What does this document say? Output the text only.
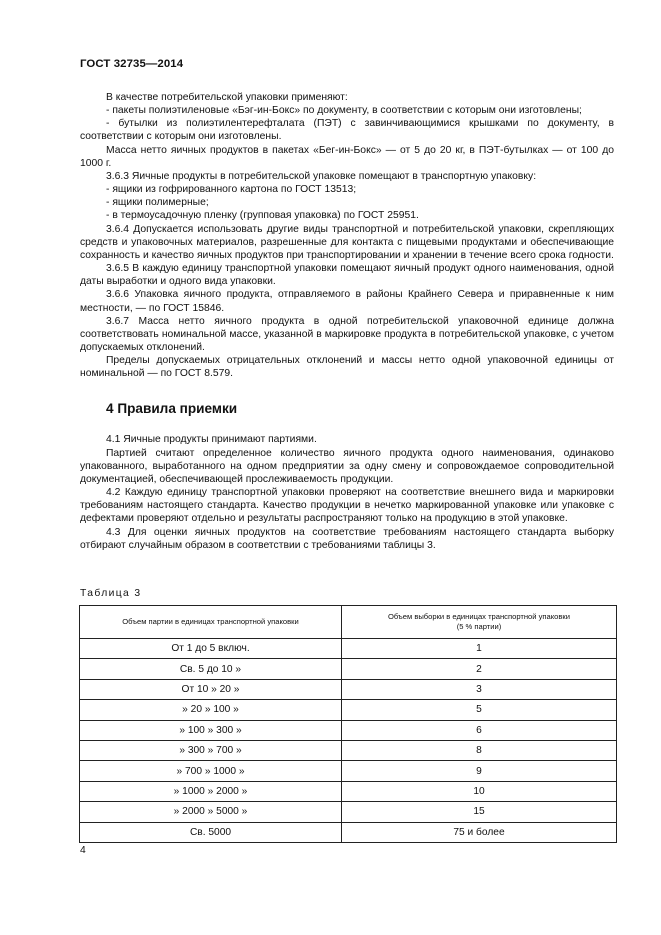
ГОСТ 32735—2014

В качестве потребительской упаковки применяют:

- пакеты полиэтиленовые «Бэг-ин-Бокс» по документу, в соответствии с которым они изготовлены;

- бутылки из полиэтилентерефталата (ПЭТ) с завинчивающимися крышками по документу, в соответствии с которым они изготовлены.

Масса нетто яичных продуктов в пакетах «Бег-ин-Бокс» — от 5 до 20 кг, в ПЭТ-бутылках — от 100 до 1000 г.

3.6.3 Яичные продукты в потребительской упаковке помещают в транспортную упаковку:

- ящики из гофрированного картона по ГОСТ 13513;

- ящики полимерные;

- в термоусадочную пленку (групповая упаковка) по ГОСТ 25951.

3.6.4 Допускается использовать другие виды транспортной и потребительской упаковки, скрепляющих средств и упаковочных материалов, разрешенные для контакта с пищевыми продуктами и обеспечивающие сохранность и качество яичных продуктов при транспортировании и хранении в течение всего срока годности.

3.6.5 В каждую единицу транспортной упаковки помещают яичный продукт одного наименования, одной даты выработки и одного вида упаковки.

3.6.6 Упаковка яичного продукта, отправляемого в районы Крайнего Севера и приравненные к ним местности, — по ГОСТ 15846.

3.6.7 Масса нетто яичного продукта в одной потребительской упаковочной единице должна соответствовать номинальной массе, указанной в маркировке продукта в потребительской упаковке, с учетом допускаемых отклонений.

Пределы допускаемых отрицательных отклонений и массы нетто одной упаковочной единицы от номинальной — по ГОСТ 8.579.

4 Правила приемки

4.1 Яичные продукты принимают партиями.

Партией считают определенное количество яичного продукта одного наименования, одинаково упакованного, выработанного на одном предприятии за одну смену и сопровождаемое сопроводительной документацией, обеспечивающей прослеживаемость продукции.

4.2 Каждую единицу транспортной упаковки проверяют на соответствие внешнего вида и маркировки требованиям настоящего стандарта. Качество продукции в нечетко маркированной упаковке или упаковке с дефектами проверяют отдельно и результаты распространяют только на продукцию в этой упаковке.

4.3 Для оценки яичных продуктов на соответствие требованиям настоящего стандарта выборку отбирают случайным образом в соответствии с требованиями таблицы 3.

Таблица 3
Объем партии в единицах транспортной упаковки	Объем выборки в единицах транспортной упаковки
(5 % партии)

От 1 до 5 включ.	1
Св. 5 до 10 »	2
От 10 » 20 »	3
» 20 » 100 »	5
» 100 » 300 »	6
» 300 » 700 »	8
» 700 » 1000 »	9
» 1000 » 2000 »	10
» 2000 » 5000 »	15
Св. 5000	75 и более
4
